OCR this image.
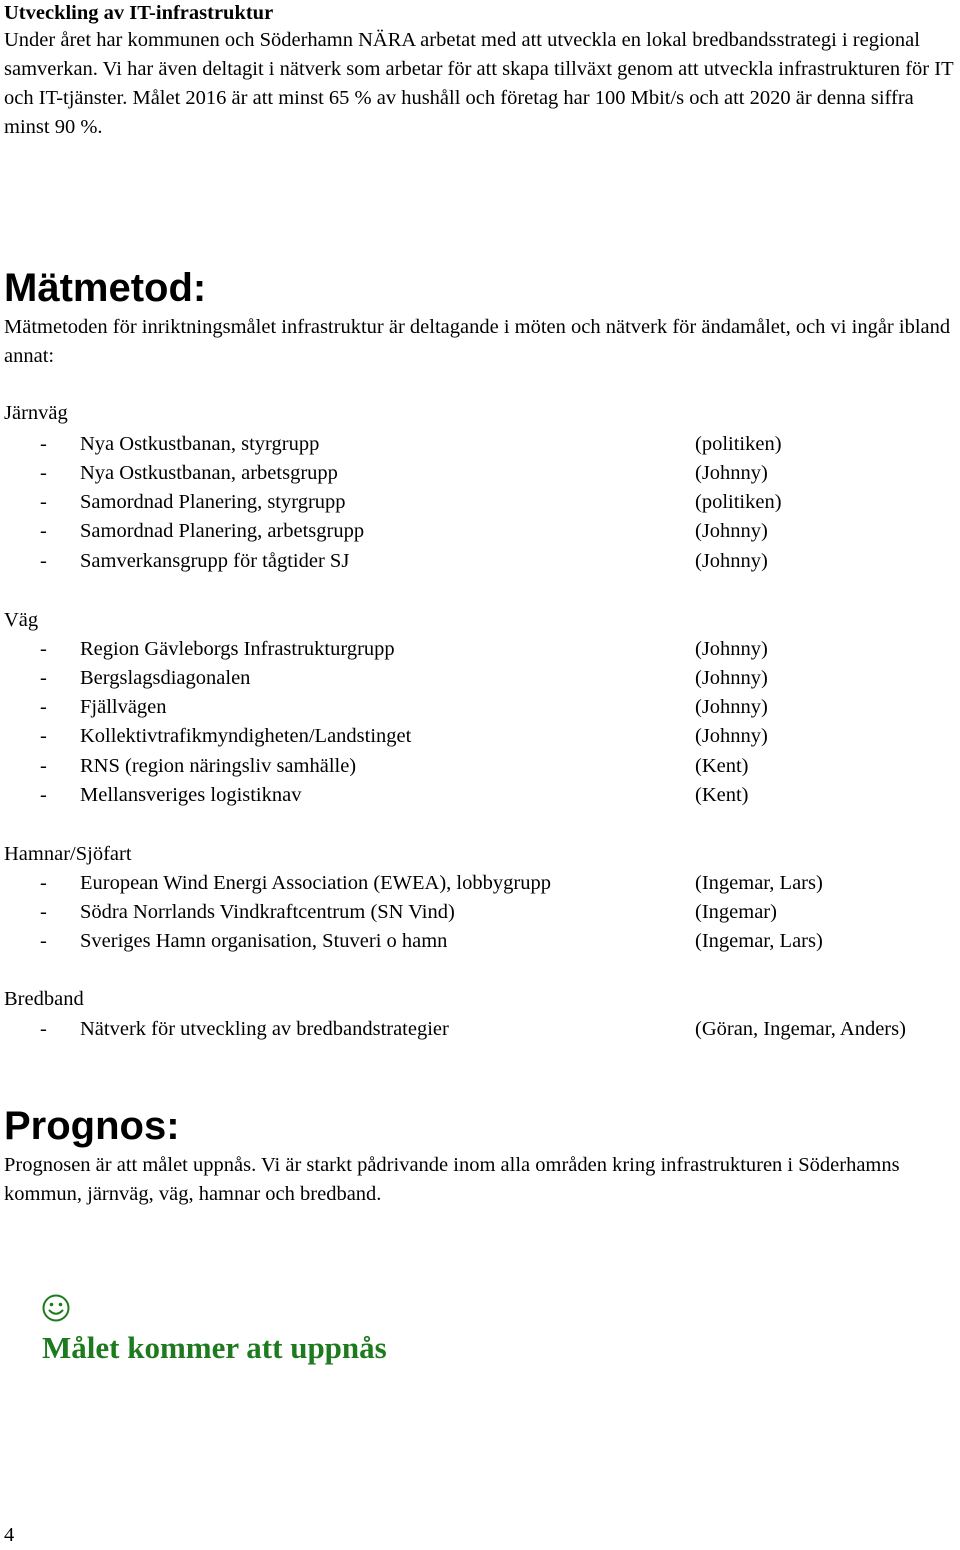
Utveckling av IT-infrastruktur
Under året har kommunen och Söderhamn NÄRA arbetat med att utveckla en lokal bredbandsstrategi i regional samverkan. Vi har även deltagit i nätverk som arbetar för att skapa tillväxt genom att utveckla infrastrukturen för IT och IT-tjänster. Målet 2016 är att minst 65 % av hushåll och företag har 100 Mbit/s och att 2020 är denna siffra minst 90 %.
Mätmetod:
Mätmetoden för inriktningsmålet infrastruktur är deltagande i möten och nätverk för ändamålet, och vi ingår ibland annat:
Järnväg
- Nya Ostkustbanan, styrgrupp	(politiken)
- Nya Ostkustbanan, arbetsgrupp	(Johnny)
- Samordnad Planering, styrgrupp	(politiken)
- Samordnad Planering, arbetsgrupp	(Johnny)
- Samverkansgrupp för tågtider SJ	(Johnny)
Väg
- Region Gävleborgs Infrastrukturgrupp	(Johnny)
- Bergslagsdiagonalen	(Johnny)
- Fjällvägen	(Johnny)
- Kollektivtrafikmyndigheten/Landstinget	(Johnny)
- RNS (region näringsliv samhälle)	(Kent)
- Mellansveriges logistiknav	(Kent)
Hamnar/Sjöfart
- European Wind Energi Association (EWEA), lobbygrupp	(Ingemar, Lars)
- Södra Norrlands Vindkraftcentrum (SN Vind)	(Ingemar)
- Sveriges Hamn organisation, Stuveri o hamn	(Ingemar, Lars)
Bredband
- Nätverk för utveckling av bredbandstrategier	(Göran, Ingemar, Anders)
Prognos:
Prognosen är att målet uppnås. Vi är starkt pådrivande inom alla områden kring infrastrukturen i Söderhamns kommun, järnväg, väg, hamnar och bredband.
Målet kommer att uppnås
4
